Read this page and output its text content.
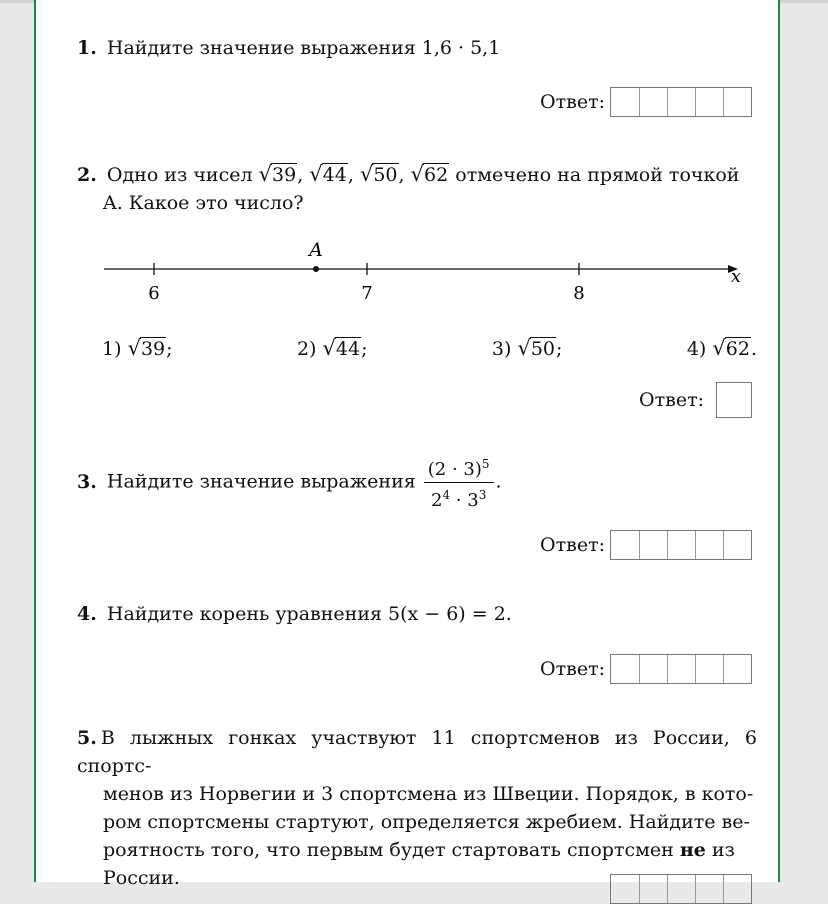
1. Найдите значение выражения 1,6 · 5,1
Ответ:
2. Одно из чисел √39, √44, √50, √62 отмечено на прямой точкой
A. Какое это число?
A
6	7	8
x
1) √39;	2) √44;	3) √50;	4) √62.
Ответ:
3. Найдите значение выражения $\frac{(2 \cdot 3)^5}{2^4 \cdot 3^3}$ .
Ответ:
4. Найдите корень уравнения 5(x − 6) = 2.
Ответ:
5. В лыжных гонках участвуют 11 спортсменов из России, 6 спортс-
менов из Норвегии и 3 спортсмена из Швеции. Порядок, в кото-
ром спортсмены стартуют, определяется жребием. Найдите ве-
роятность того, что первым будет стартовать спортсмен не из
России.
